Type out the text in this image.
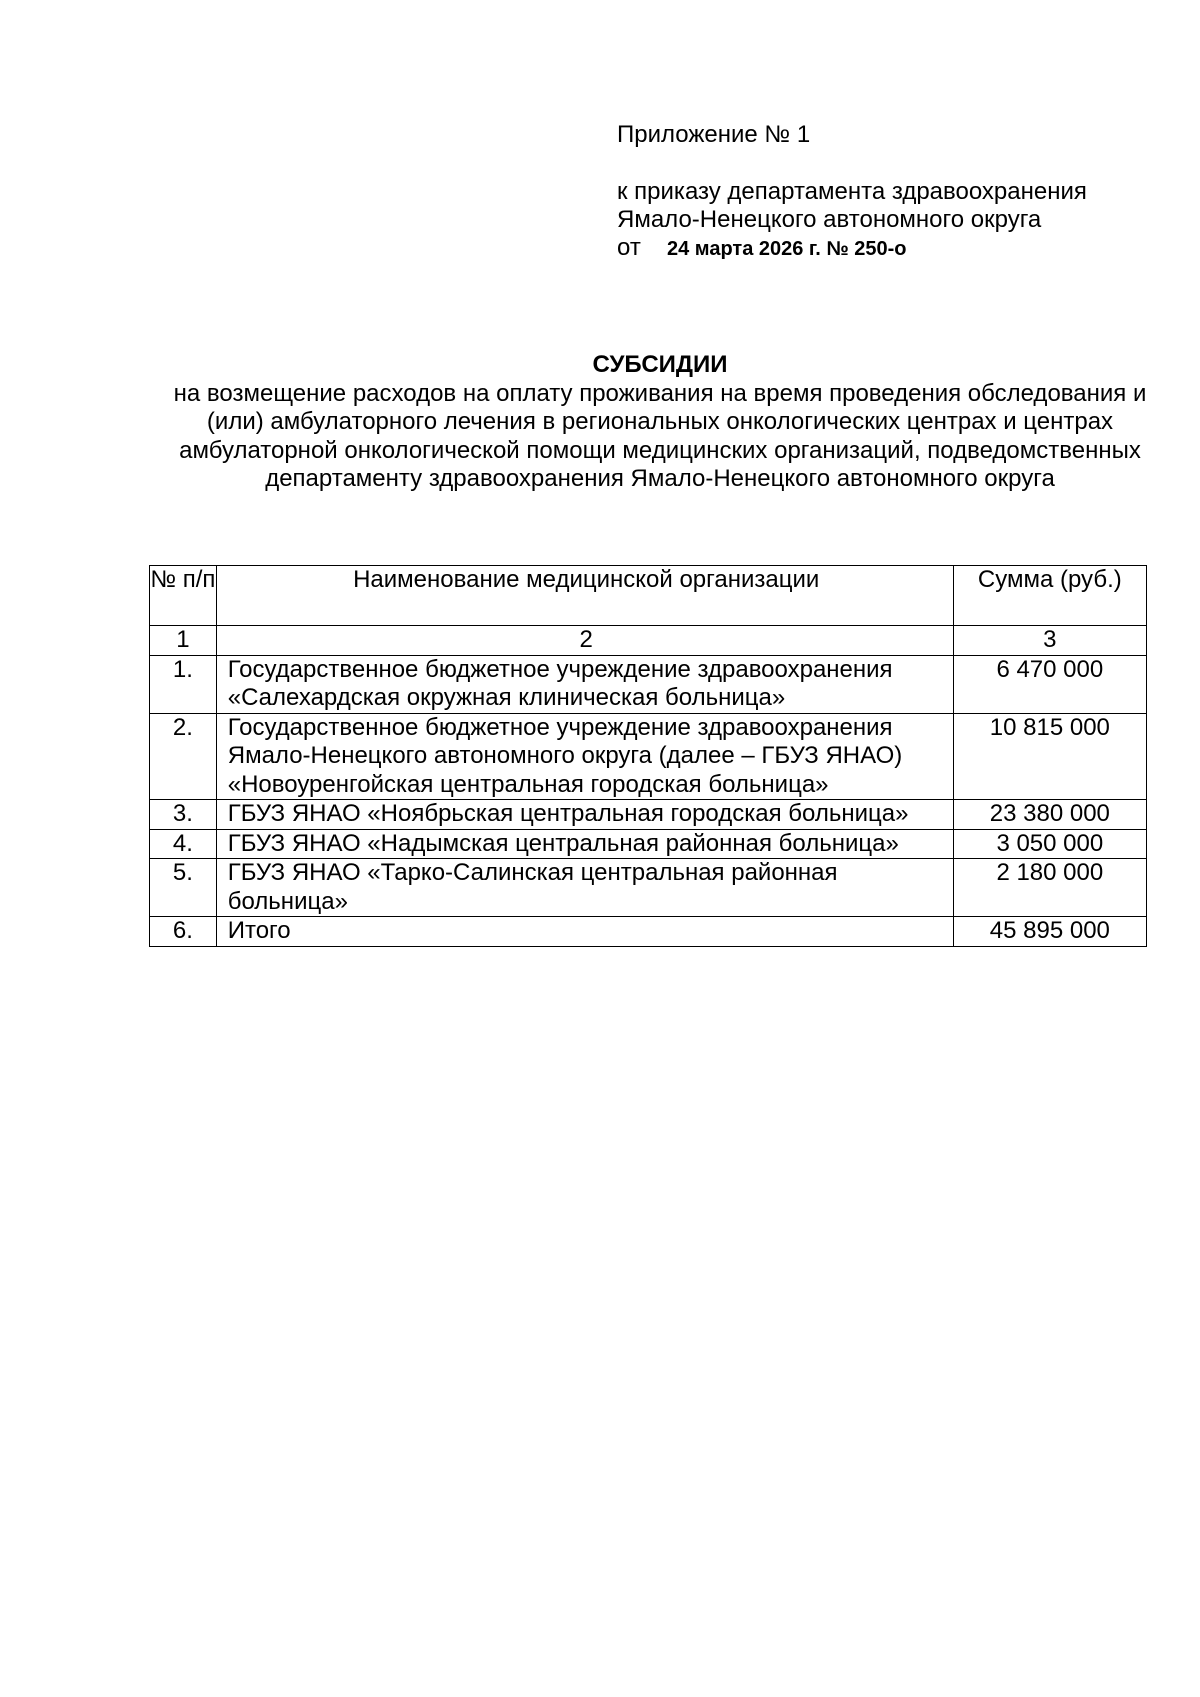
Приложение № 1
к приказу департамента здравоохранения
Ямало-Ненецкого автономного округа
от	24 марта 2026 г. № 250-о
СУБСИДИИ
на возмещение расходов на оплату проживания на время проведения обследования и (или) амбулаторного лечения в региональных онкологических центрах и центрах амбулаторной онкологической помощи медицинских организаций, подведомственных департаменту здравоохранения Ямало-Ненецкого автономного округа
№ п/п	Наименование медицинской организации	Сумма (руб.)
1	2	3
1.	Государственное бюджетное учреждение здравоохранения «Салехардская окружная клиническая больница»	6 470 000
2.	Государственное бюджетное учреждение здравоохранения Ямало-Ненецкого автономного округа (далее – ГБУЗ ЯНАО) «Новоуренгойская центральная городская больница»	10 815 000
3.	ГБУЗ ЯНАО «Ноябрьская центральная городская больница»	23 380 000
4.	ГБУЗ ЯНАО «Надымская центральная районная больница»	3 050 000
5.	ГБУЗ ЯНАО «Тарко-Салинская центральная районная больница»	2 180 000
6.	Итого	45 895 000
